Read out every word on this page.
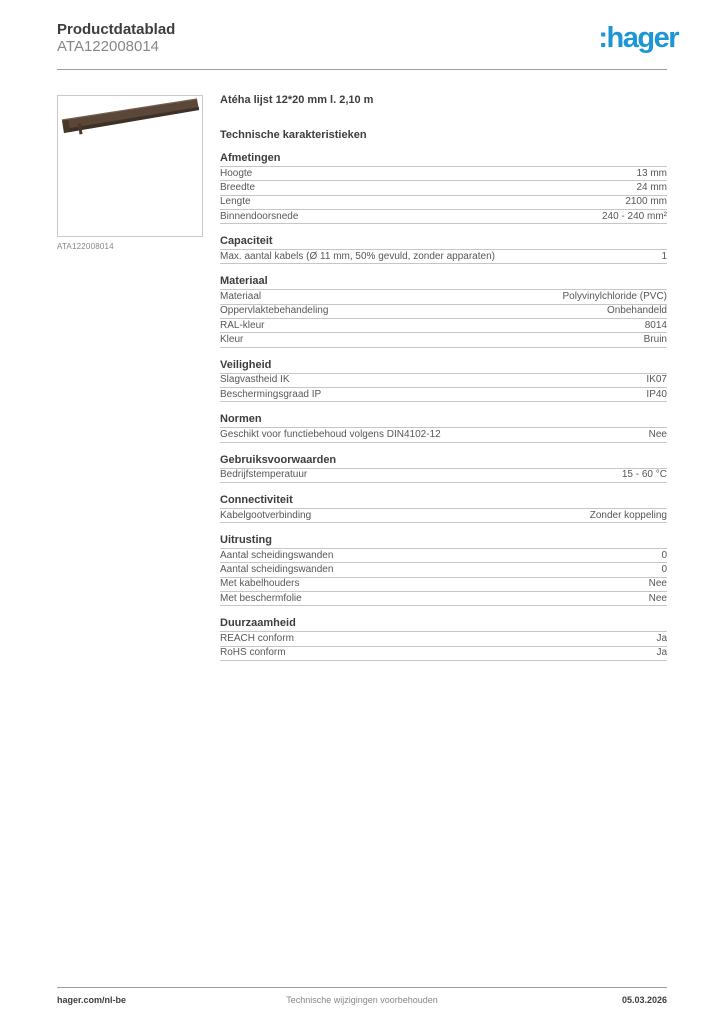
Productdatablad
ATA122008014	:hager
ATA122008014
Atéha lijst 12*20 mm l. 2,10 m
Technische karakteristieken
Afmetingen
Hoogte	13 mm
Breedte	24 mm
Lengte	2100 mm
Binnendoorsnede	240 - 240 mm²
Capaciteit
Max. aantal kabels (Ø 11 mm, 50% gevuld, zonder apparaten)	1
Materiaal
Materiaal	Polyvinylchloride (PVC)
Oppervlaktebehandeling	Onbehandeld
RAL-kleur	8014
Kleur	Bruin
Veiligheid
Slagvastheid IK	IK07
Beschermingsgraad IP	IP40
Normen
Geschikt voor functiebehoud volgens DIN4102-12	Nee
Gebruiksvoorwaarden
Bedrijfstemperatuur	15 - 60 °C
Connectiviteit
Kabelgootverbinding	Zonder koppeling
Uitrusting
Aantal scheidingswanden	0
Aantal scheidingswanden	0
Met kabelhouders	Nee
Met beschermfolie	Nee
Duurzaamheid
REACH conform	Ja
RoHS conform	Ja
hager.com/nl-be	Technische wijzigingen voorbehouden	05.03.2026
